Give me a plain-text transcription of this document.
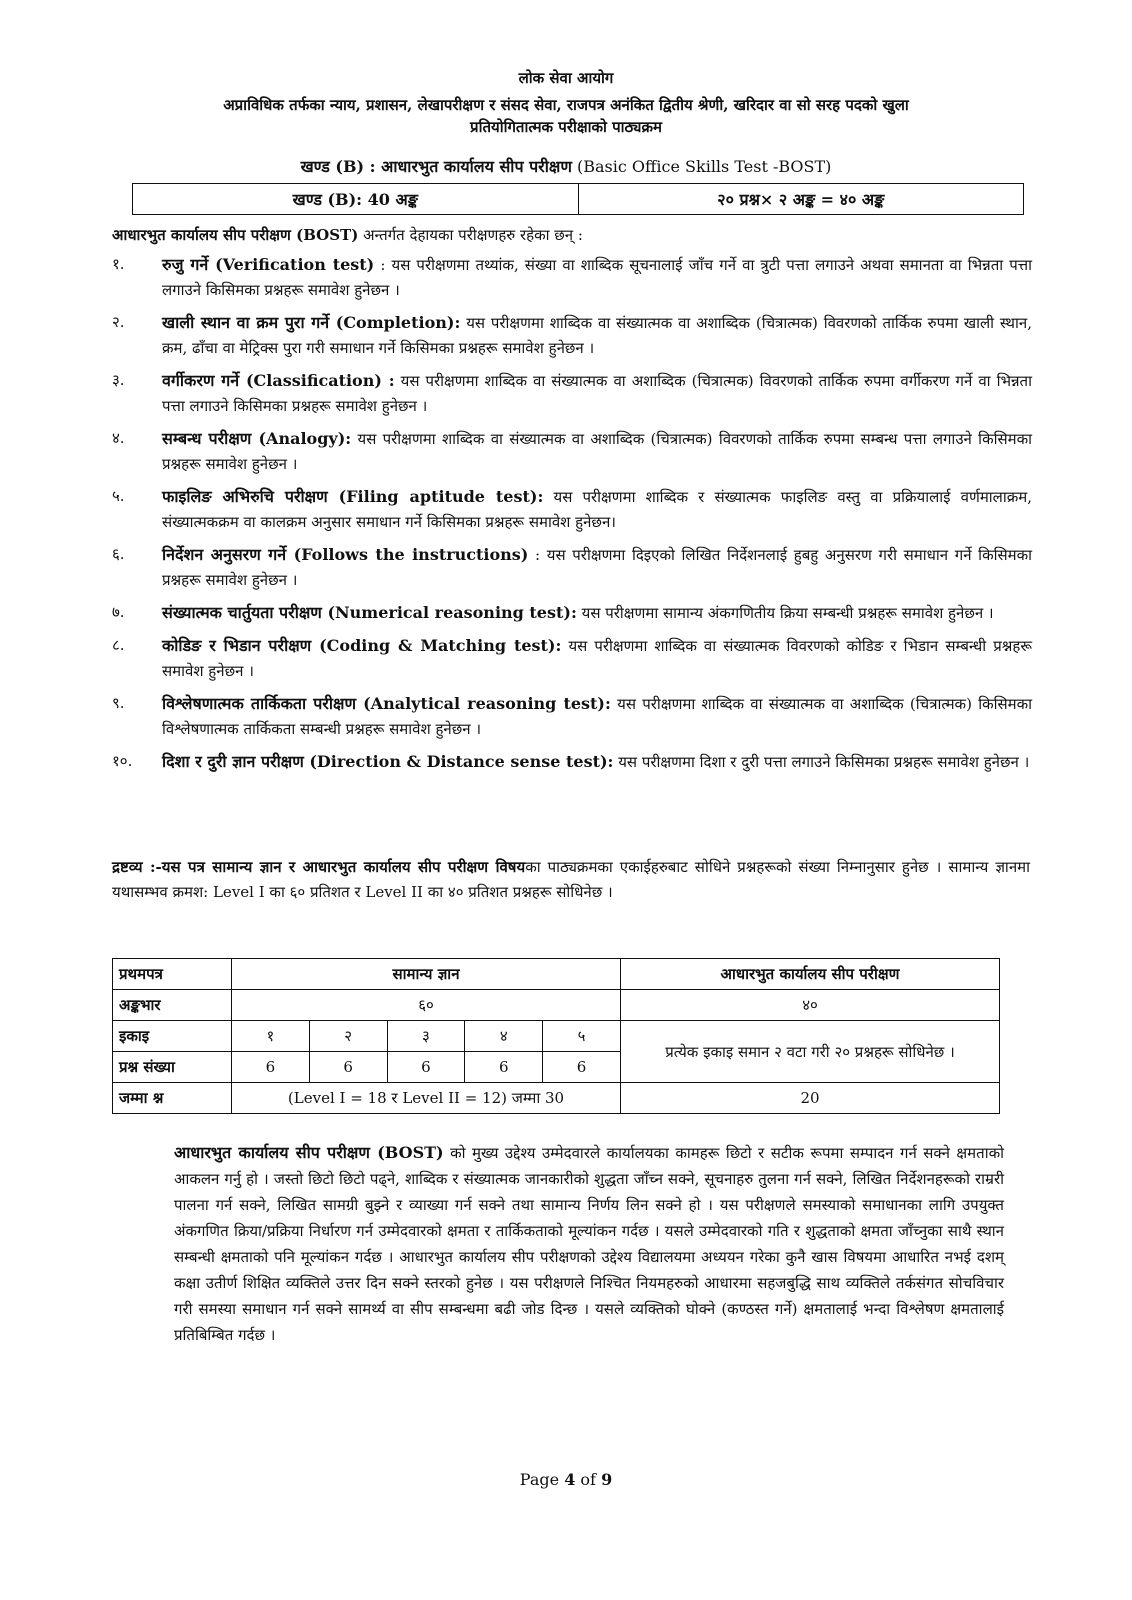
लोक सेवा आयोग
अप्राविधिक तर्फका न्याय, प्रशासन, लेखापरीक्षण र संसद सेवा, राजपत्र अनंकित द्वितीय श्रेणी, खरिदार वा सो सरह पदको खुला
प्रतियोगितात्मक परीक्षाको पाठ्यक्रम
खण्ड (B) : आधारभुत कार्यालय सीप परीक्षण (Basic Office Skills Test -BOST)
खण्ड (B): 40 अङ्क	२० प्रश्न× २ अङ्क = ४० अङ्क
आधारभुत कार्यालय सीप परीक्षण (BOST) अन्तर्गत देहायका परीक्षणहरु रहेका छन् :
१.	रुजु गर्ने (Verification test) : यस परीक्षणमा तथ्यांक, संख्या वा शाब्दिक सूचनालाई जाँच गर्ने वा त्रुटी पत्ता लगाउने अथवा समानता वा भिन्नता पत्ता लगाउने किसिमका प्रश्नहरू समावेश हुनेछन ।
२.	खाली स्थान वा क्रम पुरा गर्ने (Completion): यस परीक्षणमा शाब्दिक वा संख्यात्मक वा अशाब्दिक (चित्रात्मक) विवरणको तार्किक रुपमा खाली स्थान, क्रम, ढाँचा वा मेट्रिक्स पुरा गरी समाधान गर्ने किसिमका प्रश्नहरू समावेश हुनेछन ।
३.	वर्गीकरण गर्ने (Classification) : यस परीक्षणमा शाब्दिक वा संख्यात्मक वा अशाब्दिक (चित्रात्मक) विवरणको तार्किक रुपमा वर्गीकरण गर्ने वा भिन्नता पत्ता लगाउने किसिमका प्रश्नहरू समावेश हुनेछन ।
४.	सम्बन्ध परीक्षण (Analogy): यस परीक्षणमा शाब्दिक वा संख्यात्मक वा अशाब्दिक (चित्रात्मक) विवरणको तार्किक रुपमा सम्बन्ध पत्ता लगाउने किसिमका प्रश्नहरू समावेश हुनेछन ।
५.	फाइलिङ अभिरुचि परीक्षण (Filing aptitude test): यस परीक्षणमा शाब्दिक र संख्यात्मक फाइलिङ वस्तु वा प्रक्रियालाई वर्णमालाक्रम, संख्यात्मकक्रम वा कालक्रम अनुसार समाधान गर्ने किसिमका प्रश्नहरू समावेश हुनेछन।
६.	निर्देशन अनुसरण गर्ने (Follows the instructions) : यस परीक्षणमा दिइएको लिखित निर्देशनलाई हुबहु अनुसरण गरी समाधान गर्ने किसिमका प्रश्नहरू समावेश हुनेछन ।
७.	संख्यात्मक चार्तुयता परीक्षण (Numerical reasoning test): यस परीक्षणमा सामान्य अंकगणितीय क्रिया सम्बन्धी प्रश्नहरू समावेश हुनेछन ।
८.	कोडिङ र भिडान परीक्षण (Coding & Matching test): यस परीक्षणमा शाब्दिक वा संख्यात्मक विवरणको कोडिङ र भिडान सम्बन्धी प्रश्नहरू समावेश हुनेछन ।
९.	विश्लेषणात्मक तार्किकता परीक्षण (Analytical reasoning test): यस परीक्षणमा शाब्दिक वा संख्यात्मक वा अशाब्दिक (चित्रात्मक) किसिमका विश्लेषणात्मक तार्किकता सम्बन्धी प्रश्नहरू समावेश हुनेछन ।
१०.	दिशा र दुरी ज्ञान परीक्षण (Direction & Distance sense test): यस परीक्षणमा दिशा र दुरी पत्ता लगाउने किसिमका प्रश्नहरू समावेश हुनेछन ।
द्रष्टव्य :-यस पत्र सामान्य ज्ञान र आधारभुत कार्यालय सीप परीक्षण विषयका पाठ्यक्रमका एकाईहरुबाट सोधिने प्रश्नहरूको संख्या निम्नानुसार हुनेछ । सामान्य ज्ञानमा यथासम्भव क्रमश: Level I का ६० प्रतिशत र Level II का ४० प्रतिशत प्रश्नहरू सोधिनेछ ।
प्रथमपत्र	सामान्य ज्ञान					आधारभुत कार्यालय सीप परीक्षण
अङ्कभार	६०					४०
इकाइ	१	२	३	४	५	प्रत्येक इकाइ समान २ वटा गरी २० प्रश्नहरू सोधिनेछ ।
प्रश्न संख्या	6	6	6	6	6	
जम्मा श्न	(Level I = 18 र Level II = 12) जम्मा 30					20
आधारभुत कार्यालय सीप परीक्षण (BOST) को मुख्य उद्देश्य उम्मेदवारले कार्यालयका कामहरू छिटो र सटीक रूपमा सम्पादन गर्न सक्ने क्षमताको आकलन गर्नु हो । जस्तो छिटो छिटो पढ्ने, शाब्दिक र संख्यात्मक जानकारीको शुद्धता जाँच्न सक्ने, सूचनाहरु तुलना गर्न सक्ने, लिखित निर्देशनहरूको राम्ररी पालना गर्न सक्ने, लिखित सामग्री बुझ्ने र व्याख्या गर्न सक्ने तथा सामान्य निर्णय लिन सक्ने हो । यस परीक्षणले समस्याको समाधानका लागि उपयुक्त अंकगणित क्रिया/प्रक्रिया निर्धारण गर्न उम्मेदवारको क्षमता र तार्किकताको मूल्यांकन गर्दछ । यसले उम्मेदवारको गति र शुद्धताको क्षमता जाँच्नुका साथै स्थान सम्बन्धी क्षमताको पनि मूल्यांकन गर्दछ । आधारभुत कार्यालय सीप परीक्षणको उद्देश्य विद्यालयमा अध्ययन गरेका कुनै खास विषयमा आधारित नभई दशम् कक्षा उतीर्ण शिक्षित व्यक्तिले उत्तर दिन सक्ने स्तरको हुनेछ । यस परीक्षणले निश्चित नियमहरुको आधारमा सहजबुद्धि साथ व्यक्तिले तर्कसंगत सोचविचार गरी समस्या समाधान गर्न सक्ने सामर्थ्य वा सीप सम्बन्धमा बढी जोड दिन्छ । यसले व्यक्तिको घोक्ने (कण्ठस्त गर्ने) क्षमतालाई भन्दा विश्लेषण क्षमतालाई प्रतिबिम्बित गर्दछ ।
Page 4 of 9
